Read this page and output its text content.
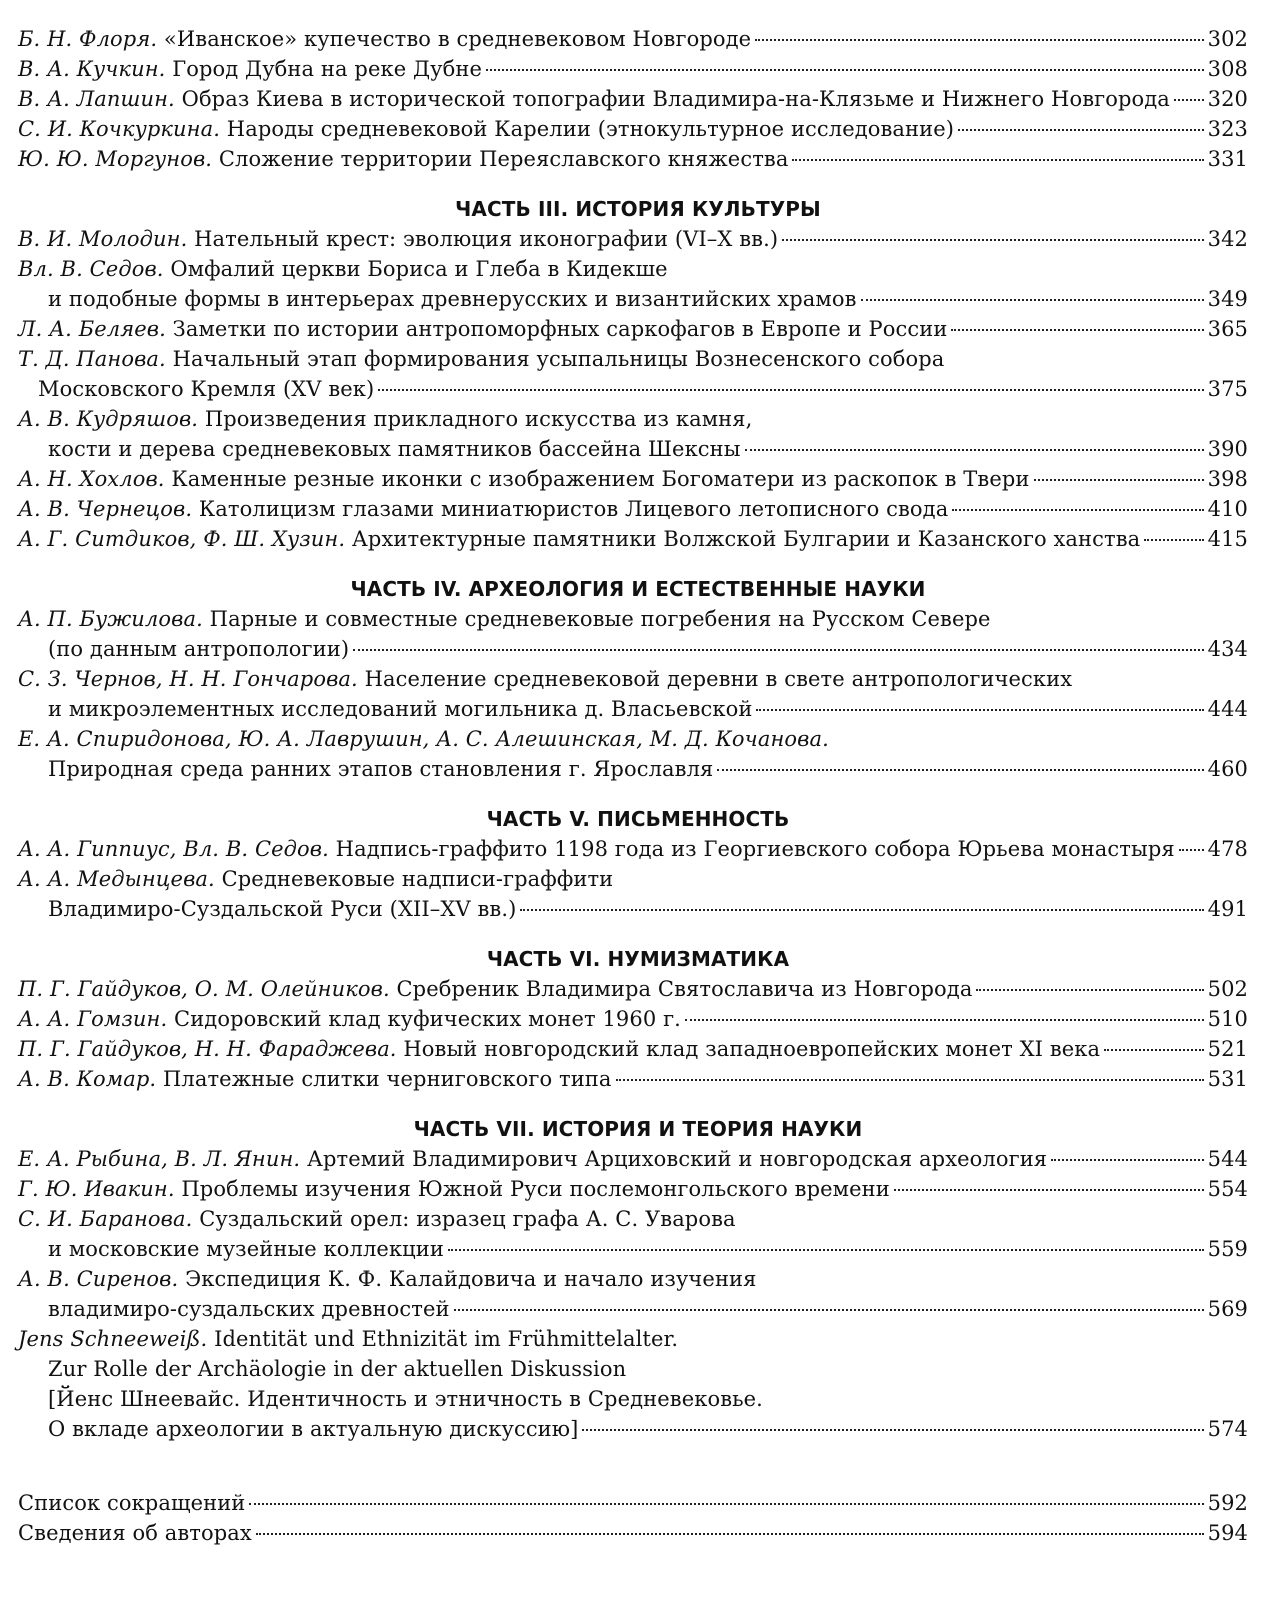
Б. Н. Флоря.
«Иванское» купечество в средневековом Новгороде	302
В. А. Кучкин.
Город Дубна на реке Дубне	308
В. А. Лапшин.
Образ Киева в исторической топографии Владимира-на-Клязьме и Нижнего Новгорода 320
С. И. Кочкуркина.
Народы средневековой Карелии (этнокультурное исследование)	323
Ю. Ю. Моргунов.
Сложение территории Переяславского княжества	331
ЧАСТЬ III. ИСТОРИЯ КУЛЬТУРЫ
В. И. Молодин.
Нательный крест: эволюция иконографии (VI–X вв.)	342
Вл. В. Седов.
Омфалий церкви Бориса и Глеба в Кидекше
и подобные формы в интерьерах древнерусских и византийских храмов	349
Л. А. Беляев.
Заметки по истории антропоморфных саркофагов в Европе и России	365
Т. Д. Панова.
Начальный этап формирования усыпальницы Вознесенского собора
Московского Кремля (XV век)	375
А. В. Кудряшов.
Произведения прикладного искусства из камня,
кости и дерева средневековых памятников бассейна Шексны	390
А. Н. Хохлов.
Каменные резные иконки с изображением Богоматери из раскопок в Твери	398
А. В. Чернецов.
Католицизм глазами миниатюристов Лицевого летописного свода	410
А. Г. Ситдиков, Ф. Ш. Хузин.
Архитектурные памятники Волжской Булгарии и Казанского ханства	415
ЧАСТЬ IV. АРХЕОЛОГИЯ И ЕСТЕСТВЕННЫЕ НАУКИ
А. П. Бужилова.
Парные и совместные средневековые погребения на Русском Севере
(по данным антропологии)	434
С. З. Чернов, Н. Н. Гончарова.
Население средневековой деревни в свете антропологических
и микроэлементных исследований могильника д. Власьевской	444
Е. А. Спиридонова, Ю. А. Лаврушин, А. С. Алешинская, М. Д. Кочанова.
Природная среда ранних этапов становления г. Ярославля	460
ЧАСТЬ V. ПИСЬМЕННОСТЬ
А. А. Гиппиус, Вл. В. Седов.
Надпись-граффито 1198 года из Георгиевского собора Юрьева монастыря 478
А. А. Медынцева.
Средневековые надписи-граффити
Владимиро-Суздальской Руси (XII–XV вв.)	491
ЧАСТЬ VI. НУМИЗМАТИКА
П. Г. Гайдуков, О. М. Олейников.
Сребреник Владимира Святославича из Новгорода	502
А. А. Гомзин.
Сидоровский клад куфических монет 1960 г.	510
П. Г. Гайдуков, Н. Н. Фараджева.
Новый новгородский клад западноевропейских монет XI века	521
А. В. Комар.
Платежные слитки черниговского типа	531
ЧАСТЬ VII. ИСТОРИЯ И ТЕОРИЯ НАУКИ
Е. А. Рыбина, В. Л. Янин.
Артемий Владимирович Арциховский и новгородская археология	544
Г. Ю. Ивакин.
Проблемы изучения Южной Руси послемонгольского времени	554
С. И. Баранова.
Суздальский орел: изразец графа А. С. Уварова
и московские музейные коллекции	559
А. В. Сиренов.
Экспедиция К. Ф. Калайдовича и начало изучения
владимиро-суздальских древностей	569
Jens Schneeweiß.
Identität und Ethnizität im Frühmittelalter.
Zur Rolle der Archäologie in der aktuellen Diskussion
[Йенс Шнеевайс. Идентичность и этничность в Средневековье.
О вкладе археологии в актуальную дискуссию]	574
Список сокращений	592
Сведения об авторах	594
